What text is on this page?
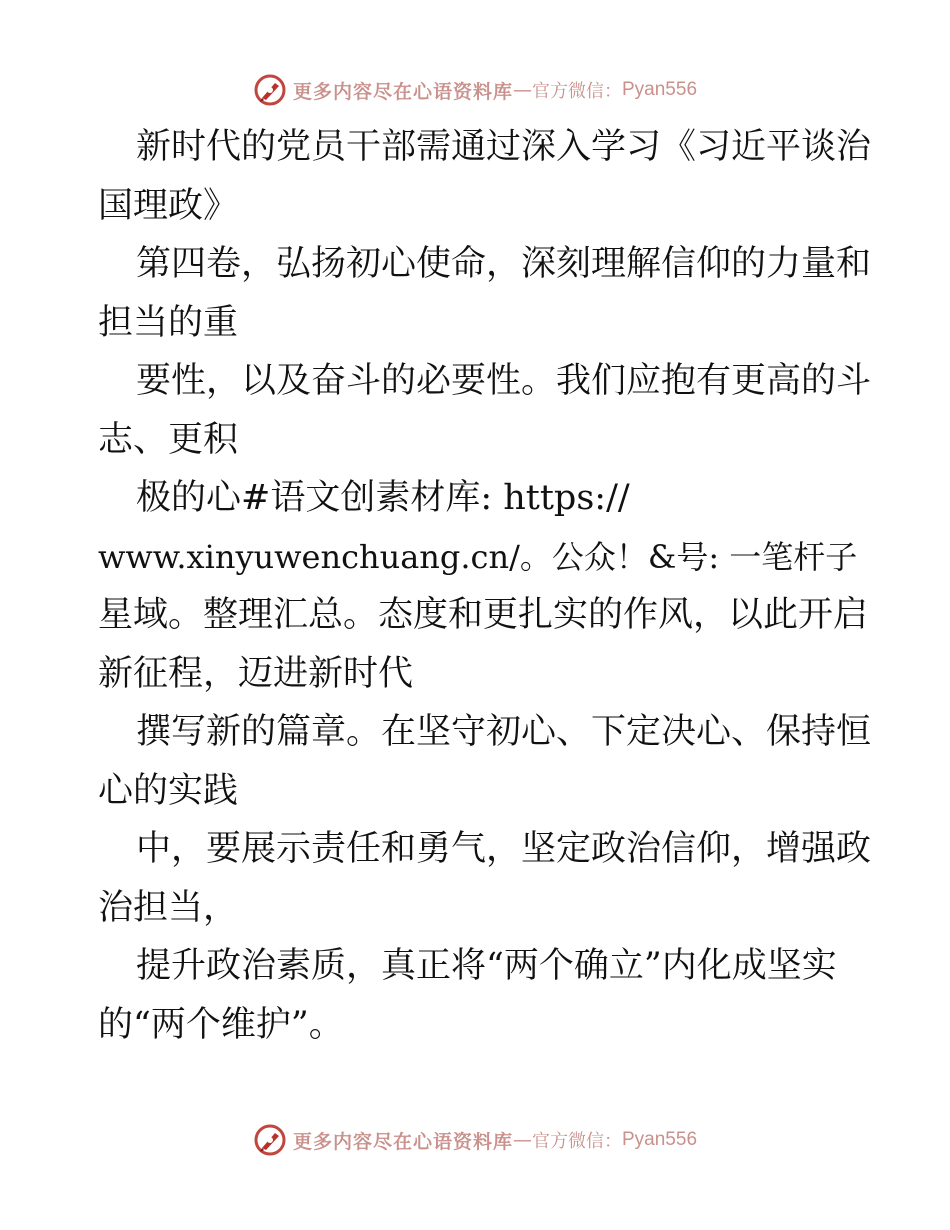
更多内容尽在心语资料库 — 官方微信： Pyan556
新时代的党员干部需通过深入学习《习近平谈治
国理政》
第四卷，弘扬初心使命，深刻理解信仰的力量和
担当的重
要性，以及奋斗的必要性。我们应抱有更高的斗
志、更积
极的心#语文创素材库: https://
www.xinyuwenchuang.cn/。公众！&号: 一笔杆子
星域。整理汇总。态度和更扎实的作风，以此开启
新征程，迈进新时代
撰写新的篇章。在坚守初心、下定决心、保持恒
心的实践
中，要展示责任和勇气，坚定政治信仰，增强政
治担当，
提升政治素质，真正将“两个确立”内化成坚实
的“两个维护”。
更多内容尽在心语资料库 — 官方微信： Pyan556
